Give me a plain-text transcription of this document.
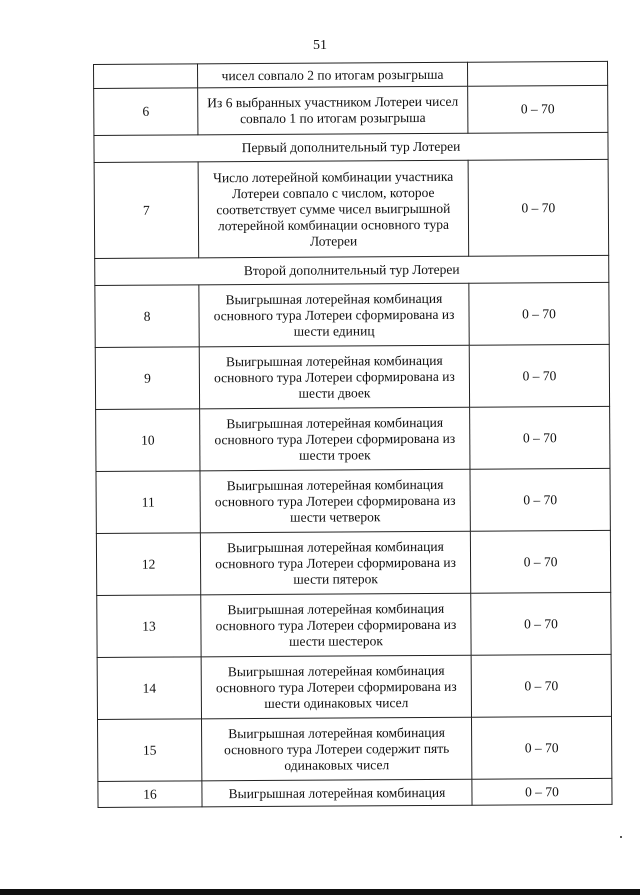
51
	чисел совпало 2 по итогам розыгрыша	
6	Из 6 выбранных участником Лотереи чисел совпало 1 по итогам розыгрыша	0 – 70
Первый дополнительный тур Лотереи		
7	Число лотерейной комбинации участника Лотереи совпало с числом, которое соответствует сумме чисел выигрышной лотерейной комбинации основного тура Лотереи	0 – 70
Второй дополнительный тур Лотереи		
8	Выигрышная лотерейная комбинация основного тура Лотереи сформирована из шести единиц	0 – 70
9	Выигрышная лотерейная комбинация основного тура Лотереи сформирована из шести двоек	0 – 70
10	Выигрышная лотерейная комбинация основного тура Лотереи сформирована из шести троек	0 – 70
11	Выигрышная лотерейная комбинация основного тура Лотереи сформирована из шести четверок	0 – 70
12	Выигрышная лотерейная комбинация основного тура Лотереи сформирована из шести пятерок	0 – 70
13	Выигрышная лотерейная комбинация основного тура Лотереи сформирована из шести шестерок	0 – 70
14	Выигрышная лотерейная комбинация основного тура Лотереи сформирована из шести одинаковых чисел	0 – 70
15	Выигрышная лотерейная комбинация основного тура Лотереи содержит пять одинаковых чисел	0 – 70
16	Выигрышная лотерейная комбинация	0 – 70
